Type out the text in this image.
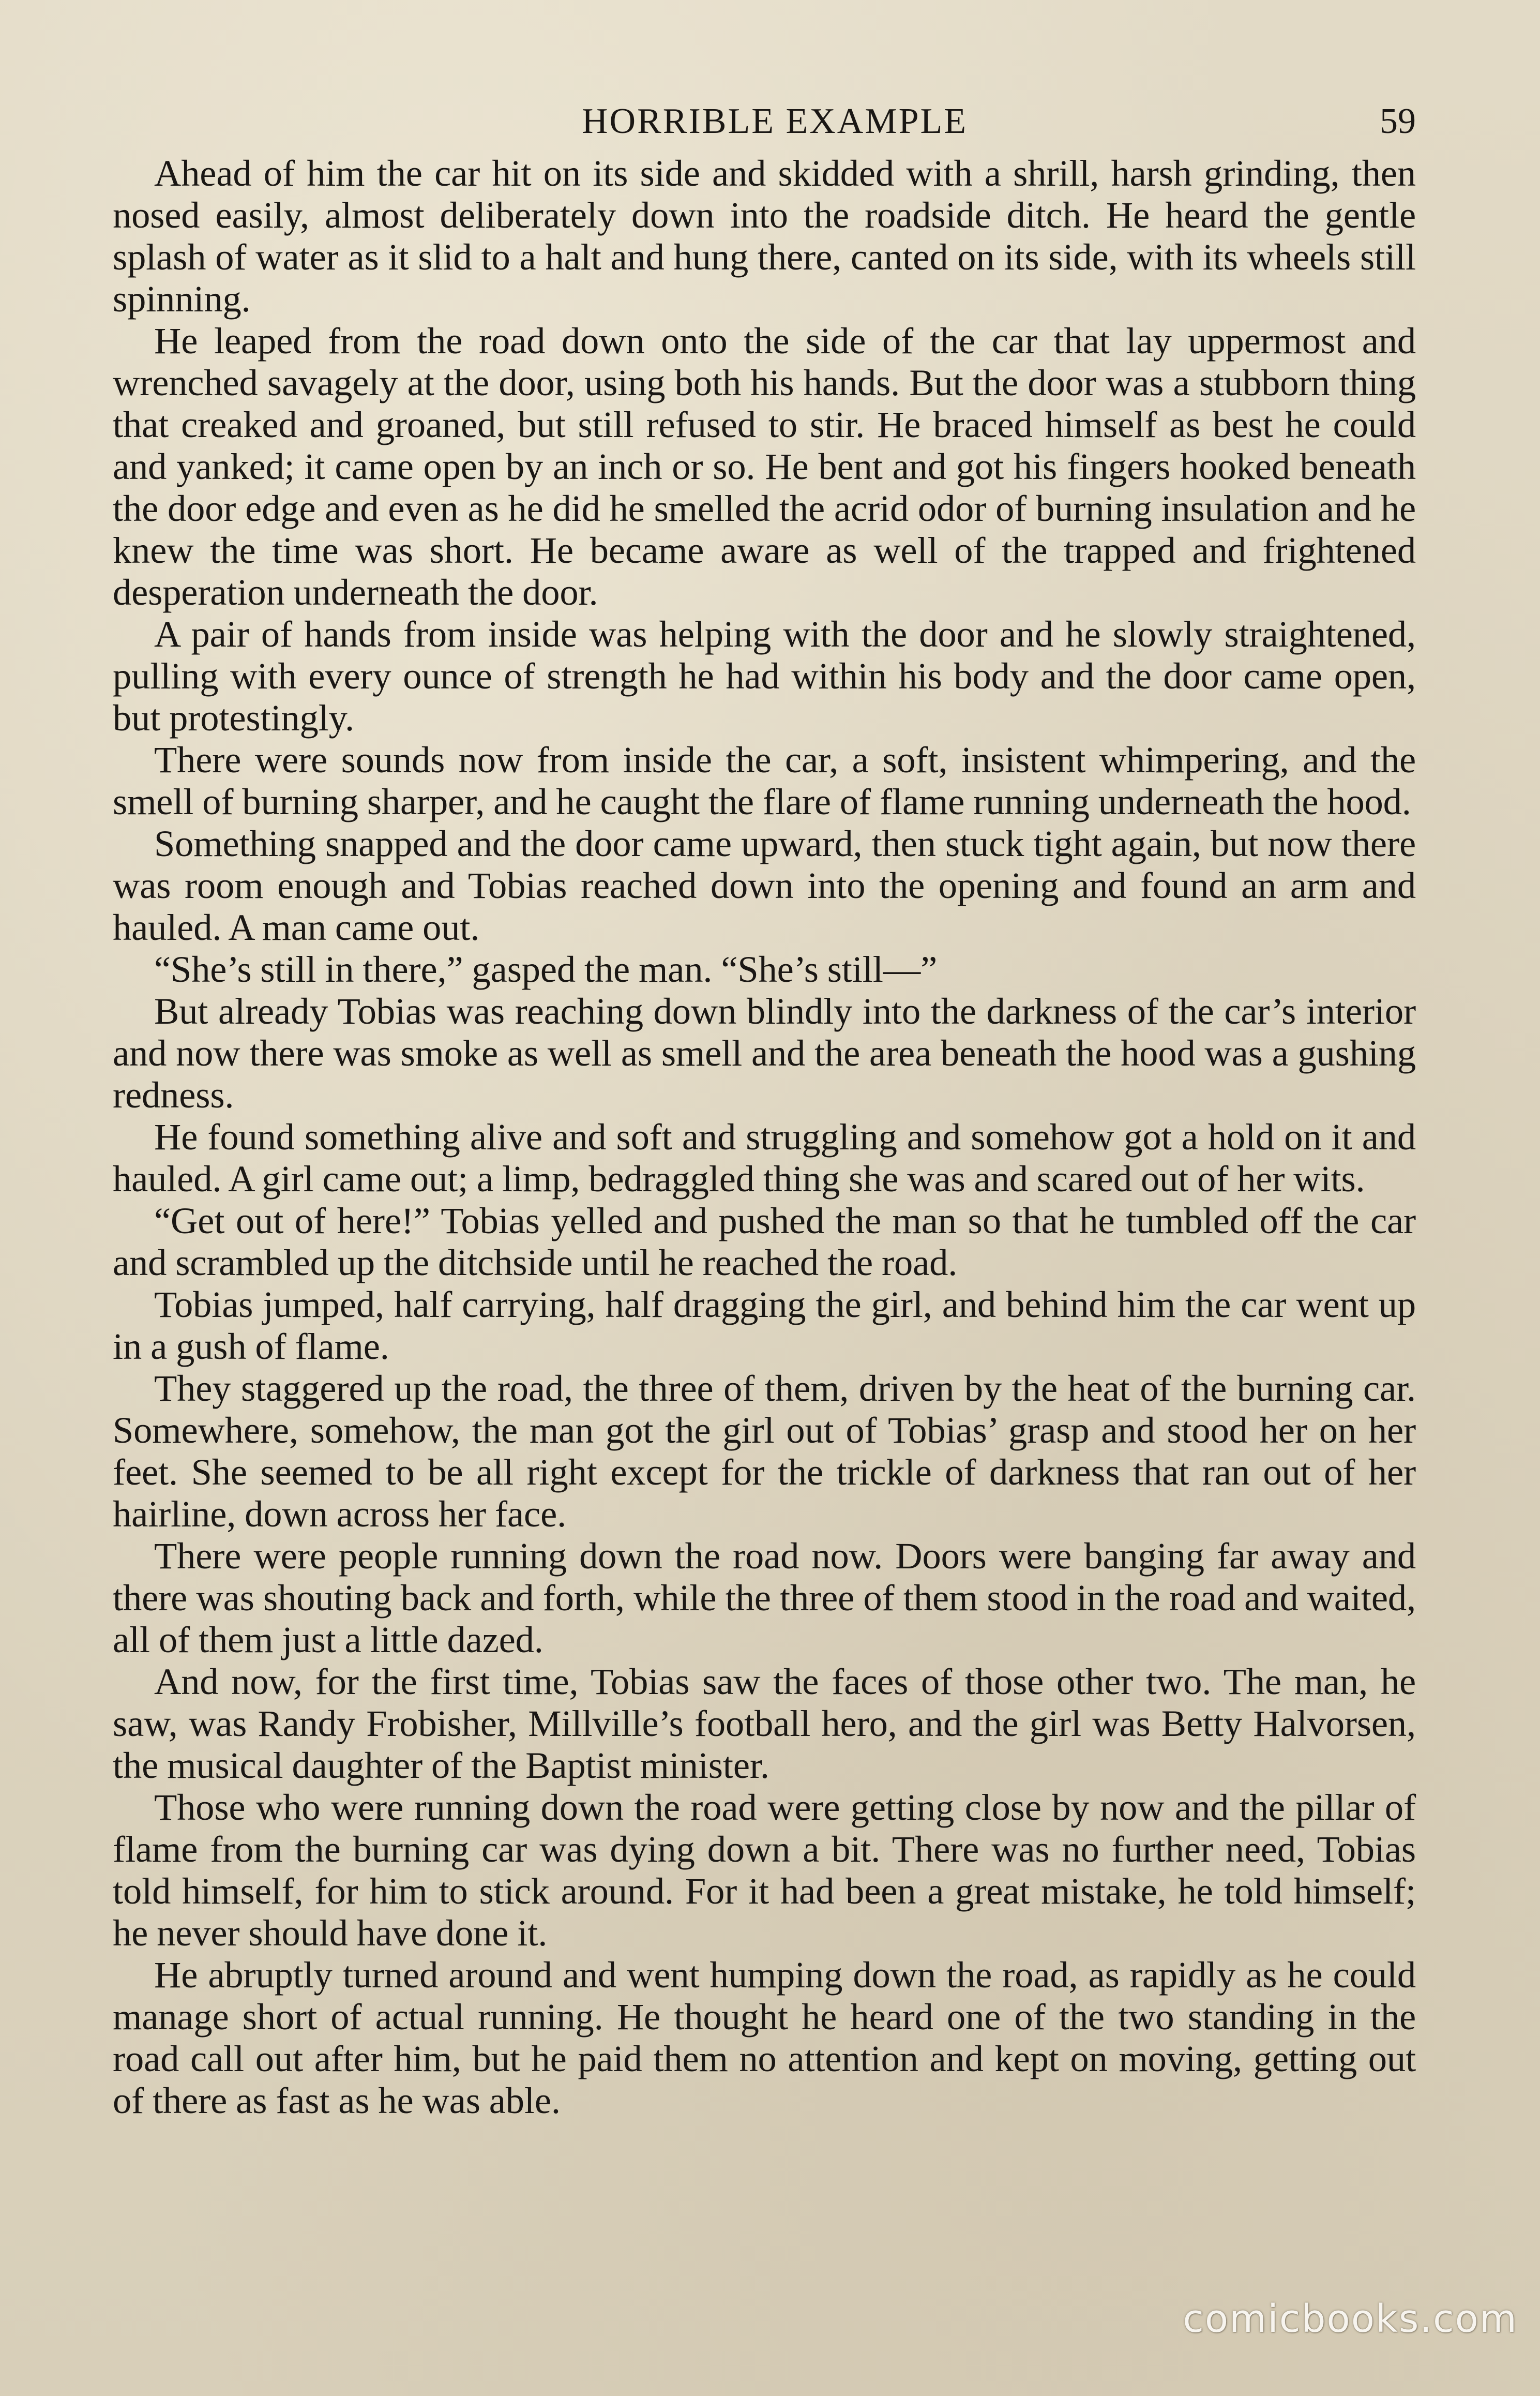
HORRIBLE EXAMPLE	59

Ahead of him the car hit on its side and skidded with a shrill, harsh grinding, then nosed easily, almost deliberately down into the roadside ditch. He heard the gentle splash of water as it slid to a halt and hung there, canted on its side, with its wheels still spinning.

He leaped from the road down onto the side of the car that lay uppermost and wrenched savagely at the door, using both his hands. But the door was a stubborn thing that creaked and groaned, but still refused to stir. He braced himself as best he could and yanked; it came open by an inch or so. He bent and got his fingers hooked beneath the door edge and even as he did he smelled the acrid odor of burning insulation and he knew the time was short. He became aware as well of the trapped and frightened desperation underneath the door.

A pair of hands from inside was helping with the door and he slowly straightened, pulling with every ounce of strength he had within his body and the door came open, but protestingly.

There were sounds now from inside the car, a soft, insistent whimpering, and the smell of burning sharper, and he caught the flare of flame running underneath the hood.

Something snapped and the door came upward, then stuck tight again, but now there was room enough and Tobias reached down into the opening and found an arm and hauled. A man came out.

“She’s still in there,” gasped the man. “She’s still—”

But already Tobias was reaching down blindly into the darkness of the car’s interior and now there was smoke as well as smell and the area beneath the hood was a gushing redness.

He found something alive and soft and struggling and somehow got a hold on it and hauled. A girl came out; a limp, bedraggled thing she was and scared out of her wits.

“Get out of here!” Tobias yelled and pushed the man so that he tumbled off the car and scrambled up the ditchside until he reached the road.

Tobias jumped, half carrying, half dragging the girl, and behind him the car went up in a gush of flame.

They staggered up the road, the three of them, driven by the heat of the burning car. Somewhere, somehow, the man got the girl out of Tobias’ grasp and stood her on her feet. She seemed to be all right except for the trickle of darkness that ran out of her hairline, down across her face.

There were people running down the road now. Doors were banging far away and there was shouting back and forth, while the three of them stood in the road and waited, all of them just a little dazed.

And now, for the first time, Tobias saw the faces of those other two. The man, he saw, was Randy Frobisher, Millville’s football hero, and the girl was Betty Halvorsen, the musical daughter of the Baptist minister.

Those who were running down the road were getting close by now and the pillar of flame from the burning car was dying down a bit. There was no further need, Tobias told himself, for him to stick around. For it had been a great mistake, he told himself; he never should have done it.

He abruptly turned around and went humping down the road, as rapidly as he could manage short of actual running. He thought he heard one of the two standing in the road call out after him, but he paid them no attention and kept on moving, getting out of there as fast as he was able.

comicbooks.com
